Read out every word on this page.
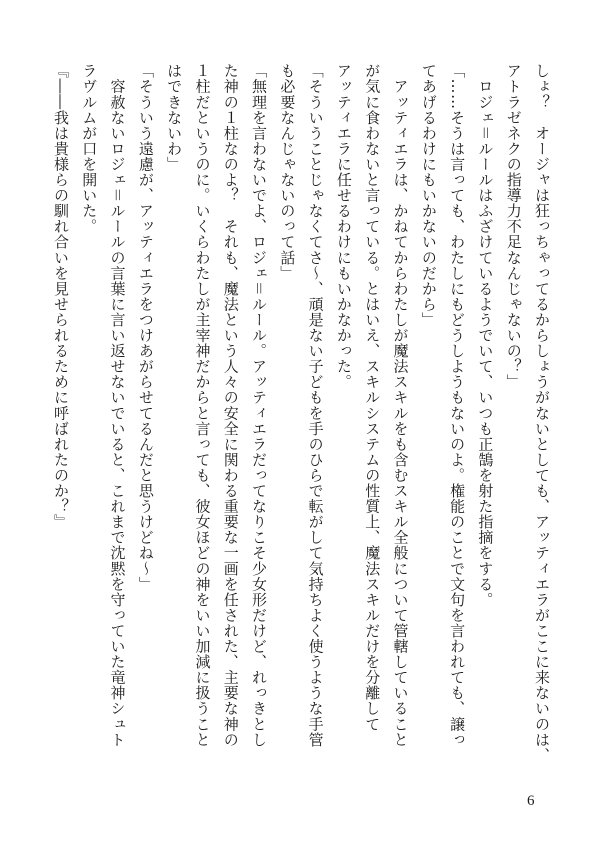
しょ？　オージャは狂っちゃってるからしょうがないとしても、アッティエラがここに来ないのは、
アトラゼネクの指導力不足なんじゃないの？」
　ロジェ＝ルールはふざけているようでいて、いつも正鵠を射た指摘をする。
「……そうは言っても、わたしにもどうしようもないのよ。権能のことで文句を言われても、譲っ
てあげるわけにもいかないのだから」
　アッティエラは、かねてからわたしが魔法スキルをも含むスキル全般について管轄していること
が気に食わないと言っている。とはいえ、スキルシステムの性質上、魔法スキルだけを分離して
アッティエラに任せるわけにもいかなかった。
「そういうことじゃなくてさ～、頑是ない子どもを手のひらで転がして気持ちよく使うような手管
も必要なんじゃないのって話」
「無理を言わないでよ、ロジェ＝ルール。アッティエラだってなりこそ少女形だけど、れっきとし
た神の１柱なのよ？　それも、魔法という人々の安全に関わる重要な一画を任された、主要な神の
１柱だというのに。いくらわたしが主宰神だからと言っても、彼女ほどの神をいい加減に扱うこと
はできないわ」
「そういう遠慮が、アッティエラをつけあがらせてるんだと思うけどね～」
　容赦ないロジェ＝ルールの言葉に言い返せないでいると、これまで沈黙を守っていた竜神シュト
ラヴルムが口を開いた。
『――我は貴様らの馴れ合いを見せられるために呼ばれたのか？』
6
